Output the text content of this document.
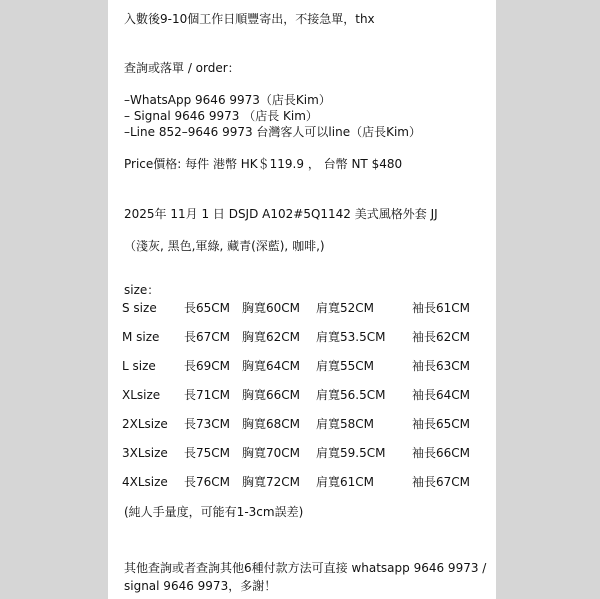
入數後9-10個工作日順豐寄出，不接急單，thx
查詢或落單 / order：
–WhatsApp 9646 9973（店長Kim）
– Signal 9646 9973 （店長 Kim）
–Line 852–9646 9973 台灣客人可以line（店長Kim）
Price價格: 每件 港幣 HK＄119.9 ， 台幣 NT $480
2025年 11月 1 日 DSJD A102#5Q1142 美式風格外套 JJ
（淺灰, 黑色,軍綠, 藏青(深藍), 咖啡,)
size：
S size 長65CM 胸寬60CM 肩寬52CM	袖長61CM
M size 長67CM 胸寬62CM 肩寬53.5CM 袖長62CM
L size 長69CM 胸寬64CM 肩寬55CM	袖長63CM
XLsize 長71CM 胸寬66CM 肩寬56.5CM 袖長64CM
2XLsize 長73CM 胸寬68CM 肩寬58CM	袖長65CM
3XLsize 長75CM 胸寬70CM 肩寬59.5CM 袖長66CM
4XLsize 長76CM 胸寬72CM 肩寬61CM	袖長67CM
(純人手量度，可能有1-3cm誤差)
其他查詢或者查詢其他6種付款方法可直接 whatsapp 9646 9973 / signal 9646 9973，多謝！
